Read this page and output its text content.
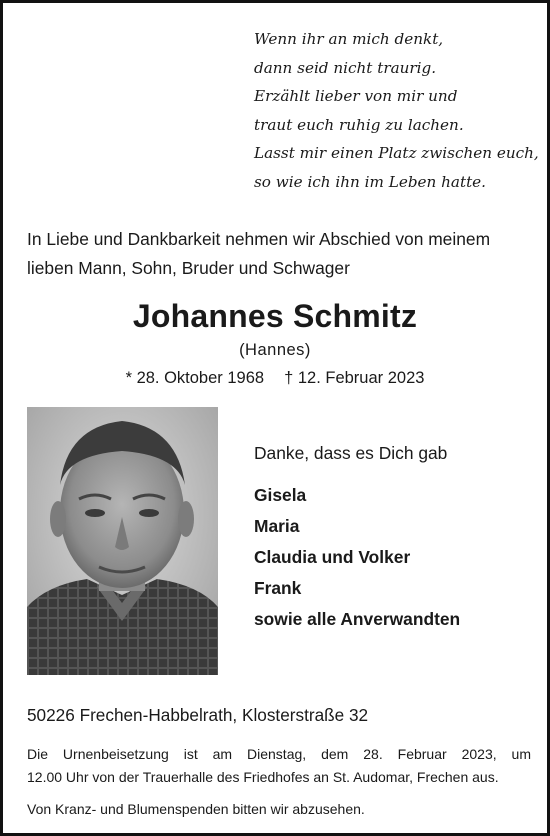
Wenn ihr an mich denkt,
dann seid nicht traurig.
Erzählt lieber von mir und
traut euch ruhig zu lachen.
Lasst mir einen Platz zwischen euch,
so wie ich ihn im Leben hatte.
In Liebe und Dankbarkeit nehmen wir Abschied von meinem
lieben Mann, Sohn, Bruder und Schwager
Johannes Schmitz
(Hannes)
* 28. Oktober 1968 † 12. Februar 2023
Danke, dass es Dich gab
Gisela
Maria
Claudia und Volker
Frank
sowie alle Anverwandten
50226 Frechen-Habbelrath, Klosterstraße 32
Die Urnenbeisetzung ist am Dienstag, dem 28. Februar 2023, um
12.00 Uhr von der Trauerhalle des Friedhofes an St. Audomar, Frechen aus.
Von Kranz- und Blumenspenden bitten wir abzusehen.
